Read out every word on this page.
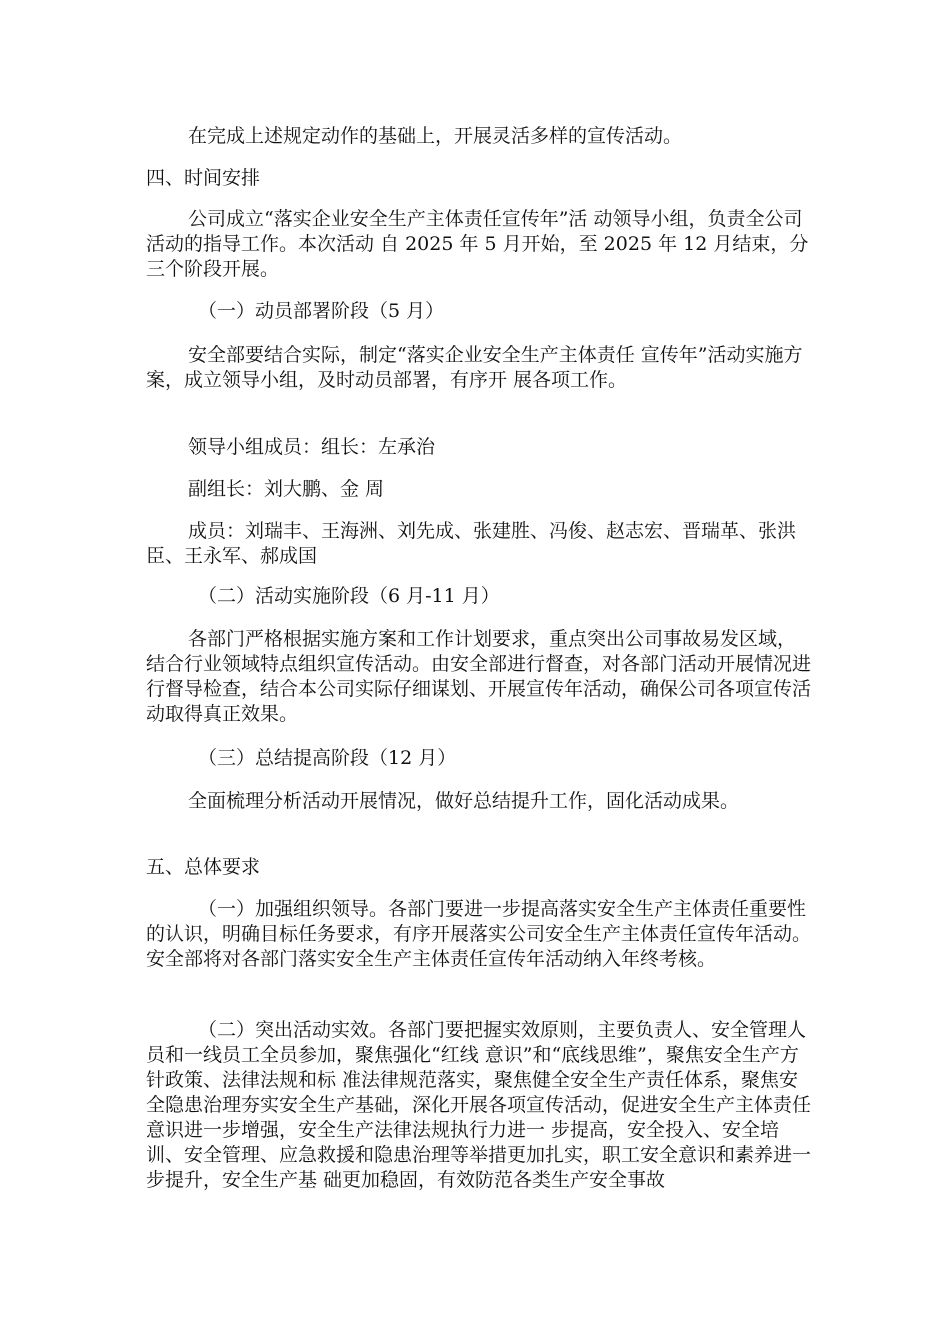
在完成上述规定动作的基础上，开展灵活多样的宣传活动。

四、时间安排

公司成立“落实企业安全生产主体责任宣传年”活 动领导小组，负责全公司活动的指导工作。本次活动 自 2025 年 5 月开始，至 2025 年 12 月结束，分三个阶段开展。

（一）动员部署阶段（5 月）

安全部要结合实际，制定“落实企业安全生产主体责任 宣传年”活动实施方案，成立领导小组，及时动员部署，有序开 展各项工作。

领导小组成员：组长：左承治

副组长：刘大鹏、金 周

成员：刘瑞丰、王海洲、刘先成、张建胜、冯俊、赵志宏、晋瑞革、张洪臣、王永军、郝成国

（二）活动实施阶段（6 月-11 月）

各部门严格根据实施方案和工作计划要求，重点突出公司事故易发区域，结合行业领域特点组织宣传活动。由安全部进行督查，对各部门活动开展情况进行督导检查，结合本公司实际仔细谋划、开展宣传年活动，确保公司各项宣传活动取得真正效果。

（三）总结提高阶段（12 月）

全面梳理分析活动开展情况，做好总结提升工作，固化活动成果。

五、总体要求

（一）加强组织领导。各部门要进一步提高落实安全生产主体责任重要性的认识，明确目标任务要求，有序开展落实公司安全生产主体责任宣传年活动。安全部将对各部门落实安全生产主体责任宣传年活动纳入年终考核。

（二）突出活动实效。各部门要把握实效原则，主要负责人、安全管理人员和一线员工全员参加，聚焦强化“红线 意识”和“底线思维”，聚焦安全生产方针政策、法律法规和标 准法律规范落实，聚焦健全安全生产责任体系，聚焦安全隐患治理夯实安全生产基础，深化开展各项宣传活动，促进安全生产主体责任意识进一步增强，安全生产法律法规执行力进一 步提高，安全投入、安全培训、安全管理、应急救援和隐患治理等举措更加扎实，职工安全意识和素养进一步提升，安全生产基 础更加稳固，有效防范各类生产安全事故
